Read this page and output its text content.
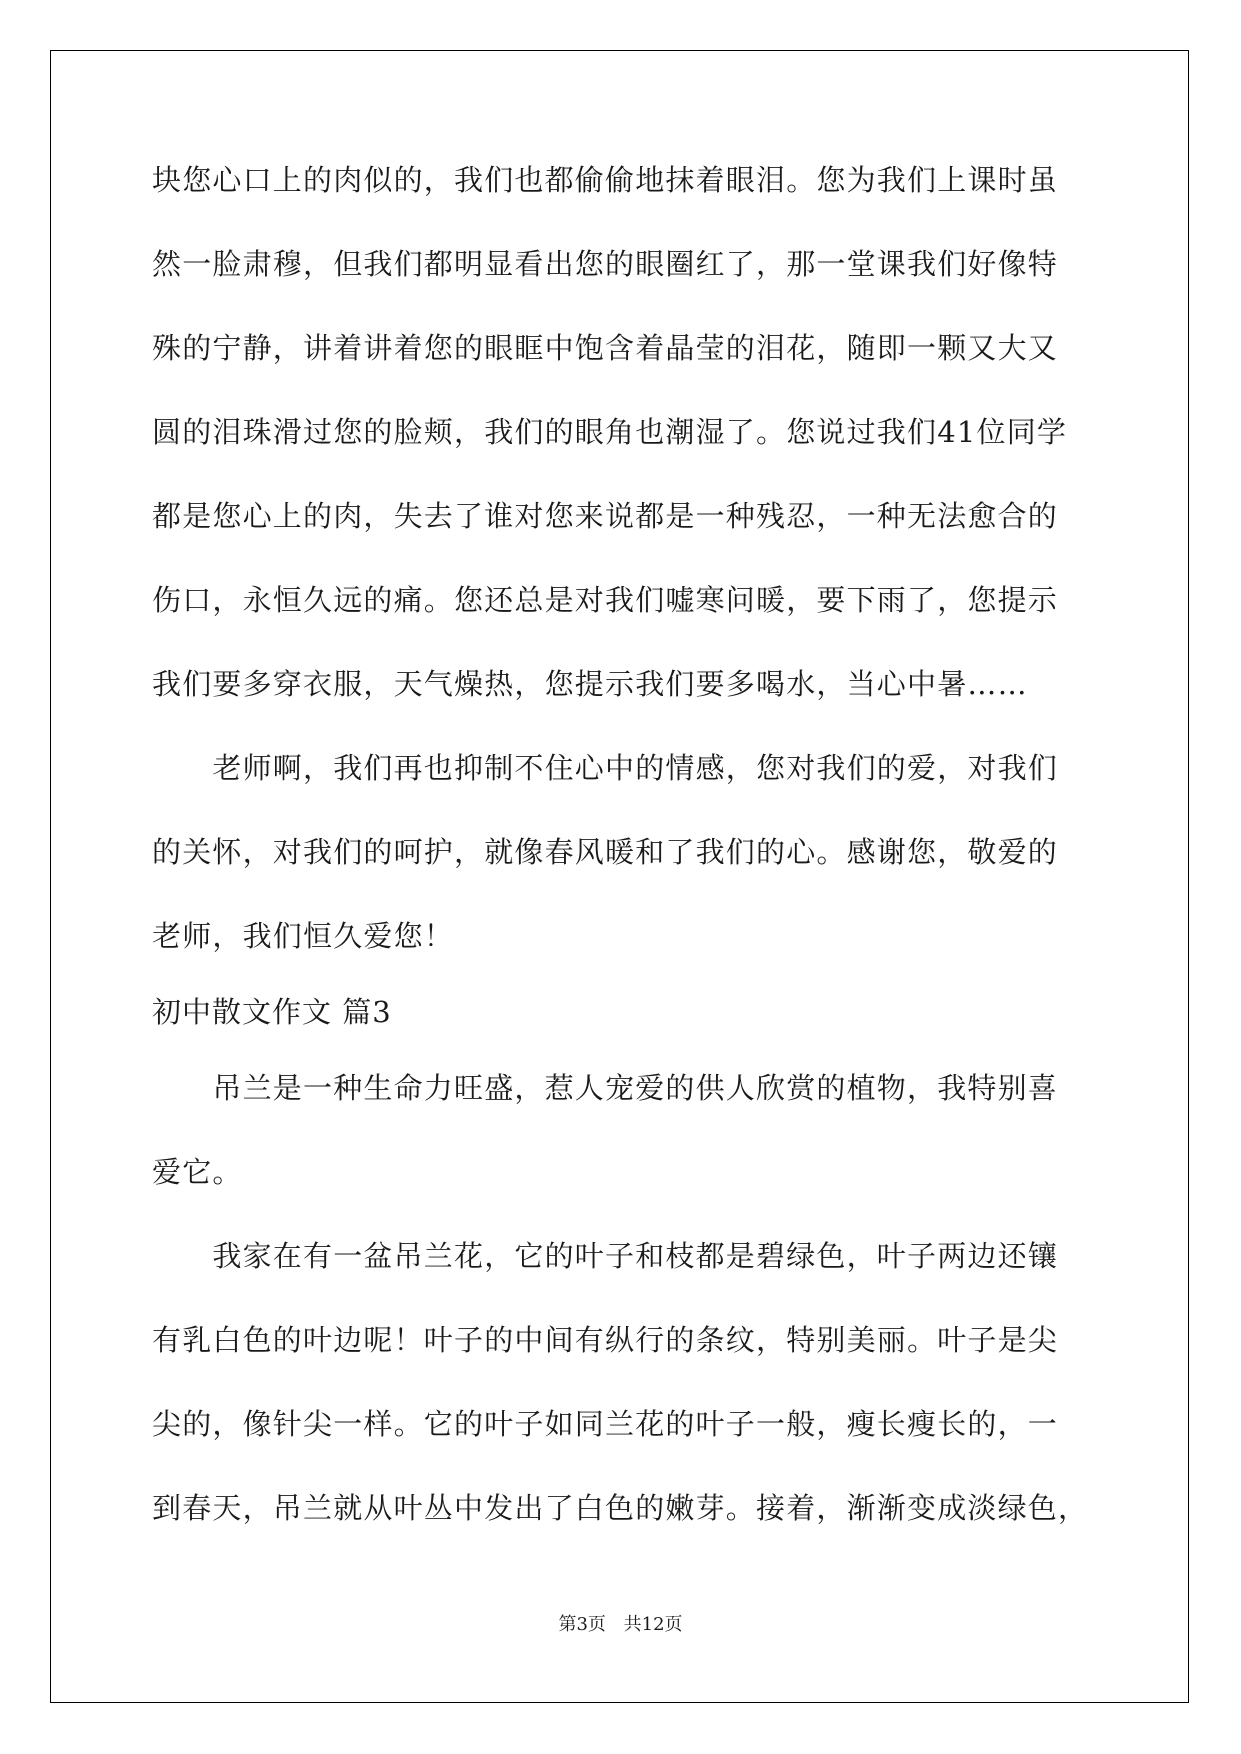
块您心口上的肉似的，我们也都偷偷地抹着眼泪。您为我们上课时虽
然一脸肃穆，但我们都明显看出您的眼圈红了，那一堂课我们好像特
殊的宁静，讲着讲着您的眼眶中饱含着晶莹的泪花，随即一颗又大又
圆的泪珠滑过您的脸颊，我们的眼角也潮湿了。您说过我们41位同学
都是您心上的肉，失去了谁对您来说都是一种残忍，一种无法愈合的
伤口，永恒久远的痛。您还总是对我们嘘寒问暖，要下雨了，您提示
我们要多穿衣服，天气燥热，您提示我们要多喝水，当心中暑……
　　老师啊，我们再也抑制不住心中的情感，您对我们的爱，对我们
的关怀，对我们的呵护，就像春风暖和了我们的心。感谢您，敬爱的
老师，我们恒久爱您！
初中散文作文 篇3
　　吊兰是一种生命力旺盛，惹人宠爱的供人欣赏的植物，我特别喜
爱它。
　　我家在有一盆吊兰花，它的叶子和枝都是碧绿色，叶子两边还镶
有乳白色的叶边呢！叶子的中间有纵行的条纹，特别美丽。叶子是尖
尖的，像针尖一样。它的叶子如同兰花的叶子一般，瘦长瘦长的，一
到春天，吊兰就从叶丛中发出了白色的嫩芽。接着，渐渐变成淡绿色，
第3页 共12页
